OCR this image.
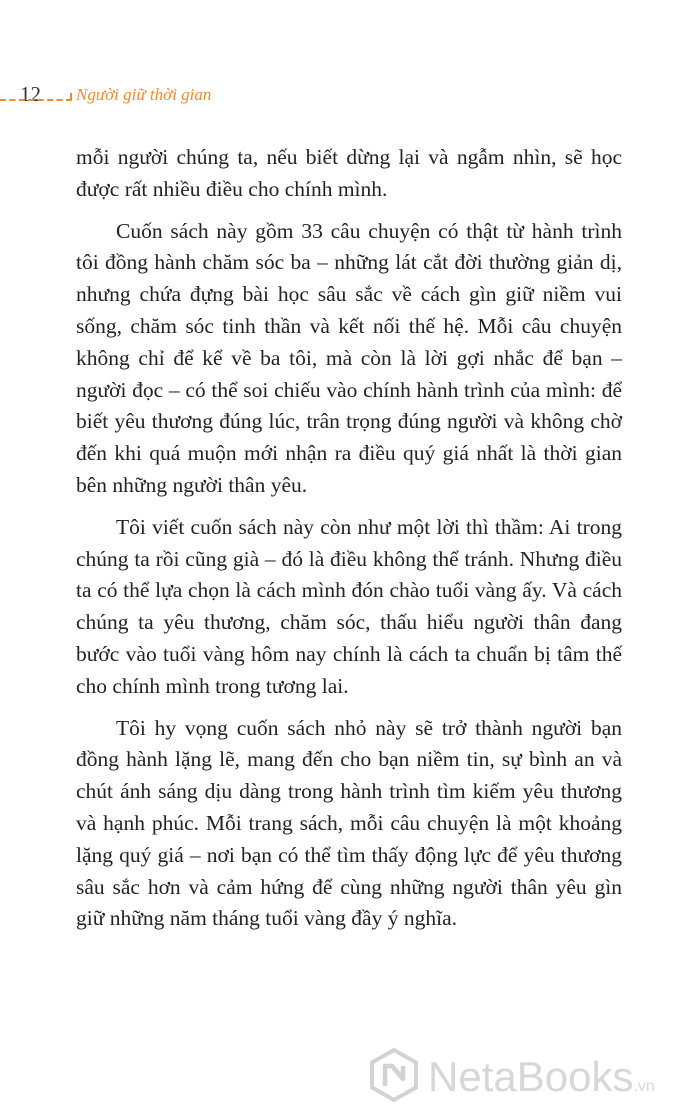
12 Người giữ thời gian

mỗi người chúng ta, nếu biết dừng lại và ngẫm nhìn, sẽ học được rất nhiều điều cho chính mình.

Cuốn sách này gồm 33 câu chuyện có thật từ hành trình tôi đồng hành chăm sóc ba – những lát cắt đời thường giản dị, nhưng chứa đựng bài học sâu sắc về cách gìn giữ niềm vui sống, chăm sóc tinh thần và kết nối thế hệ. Mỗi câu chuyện không chỉ để kể về ba tôi, mà còn là lời gợi nhắc để bạn – người đọc – có thể soi chiếu vào chính hành trình của mình: để biết yêu thương đúng lúc, trân trọng đúng người và không chờ đến khi quá muộn mới nhận ra điều quý giá nhất là thời gian bên những người thân yêu.

Tôi viết cuốn sách này còn như một lời thì thầm: Ai trong chúng ta rồi cũng già – đó là điều không thể tránh. Nhưng điều ta có thể lựa chọn là cách mình đón chào tuổi vàng ấy. Và cách chúng ta yêu thương, chăm sóc, thấu hiểu người thân đang bước vào tuổi vàng hôm nay chính là cách ta chuẩn bị tâm thế cho chính mình trong tương lai.

Tôi hy vọng cuốn sách nhỏ này sẽ trở thành người bạn đồng hành lặng lẽ, mang đến cho bạn niềm tin, sự bình an và chút ánh sáng dịu dàng trong hành trình tìm kiếm yêu thương và hạnh phúc. Mỗi trang sách, mỗi câu chuyện là một khoảng lặng quý giá – nơi bạn có thể tìm thấy động lực để yêu thương sâu sắc hơn và cảm hứng để cùng những người thân yêu gìn giữ những năm tháng tuổi vàng đầy ý nghĩa.

NetaBooks.vn
